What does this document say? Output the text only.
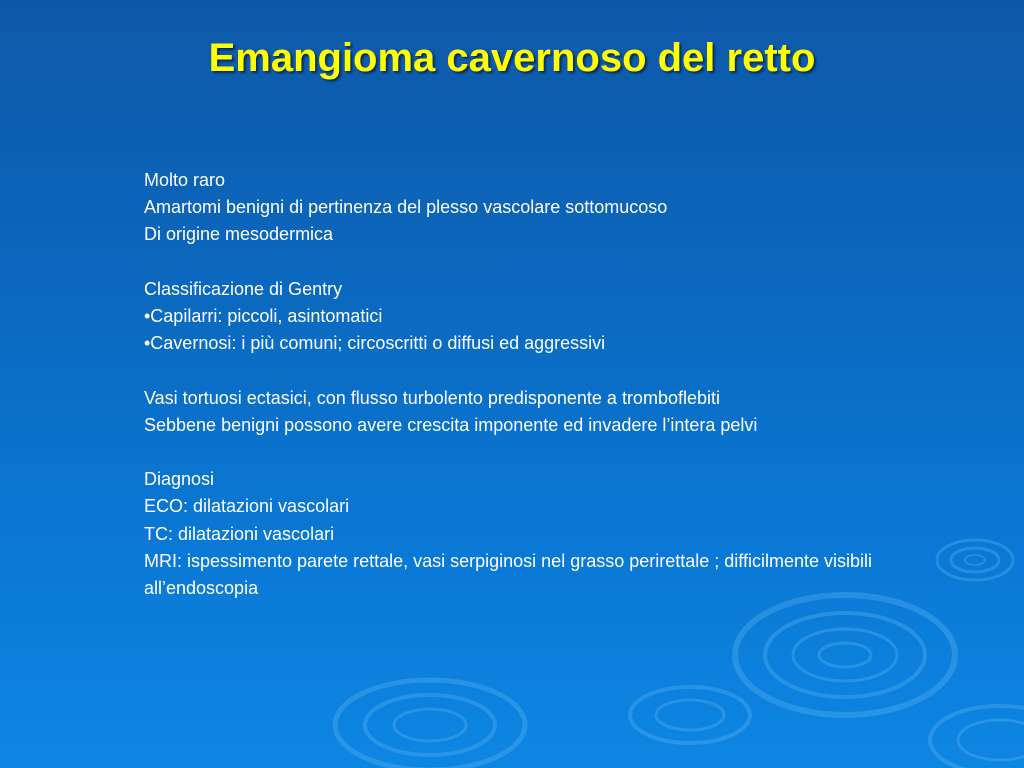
Emangioma cavernoso del retto
Molto raro
Amartomi benigni di pertinenza del plesso vascolare sottomucoso
Di origine mesodermica
Classificazione di Gentry
•Capilarri: piccoli, asintomatici
•Cavernosi: i più comuni; circoscritti o diffusi ed aggressivi
Vasi tortuosi ectasici, con flusso turbolento predisponente a tromboflebiti
Sebbene benigni possono avere crescita imponente ed invadere l’intera pelvi
Diagnosi
ECO: dilatazioni vascolari
TC: dilatazioni vascolari
MRI: ispessimento parete rettale, vasi serpiginosi nel grasso perirettale ; difficilmente visibili all’endoscopia
